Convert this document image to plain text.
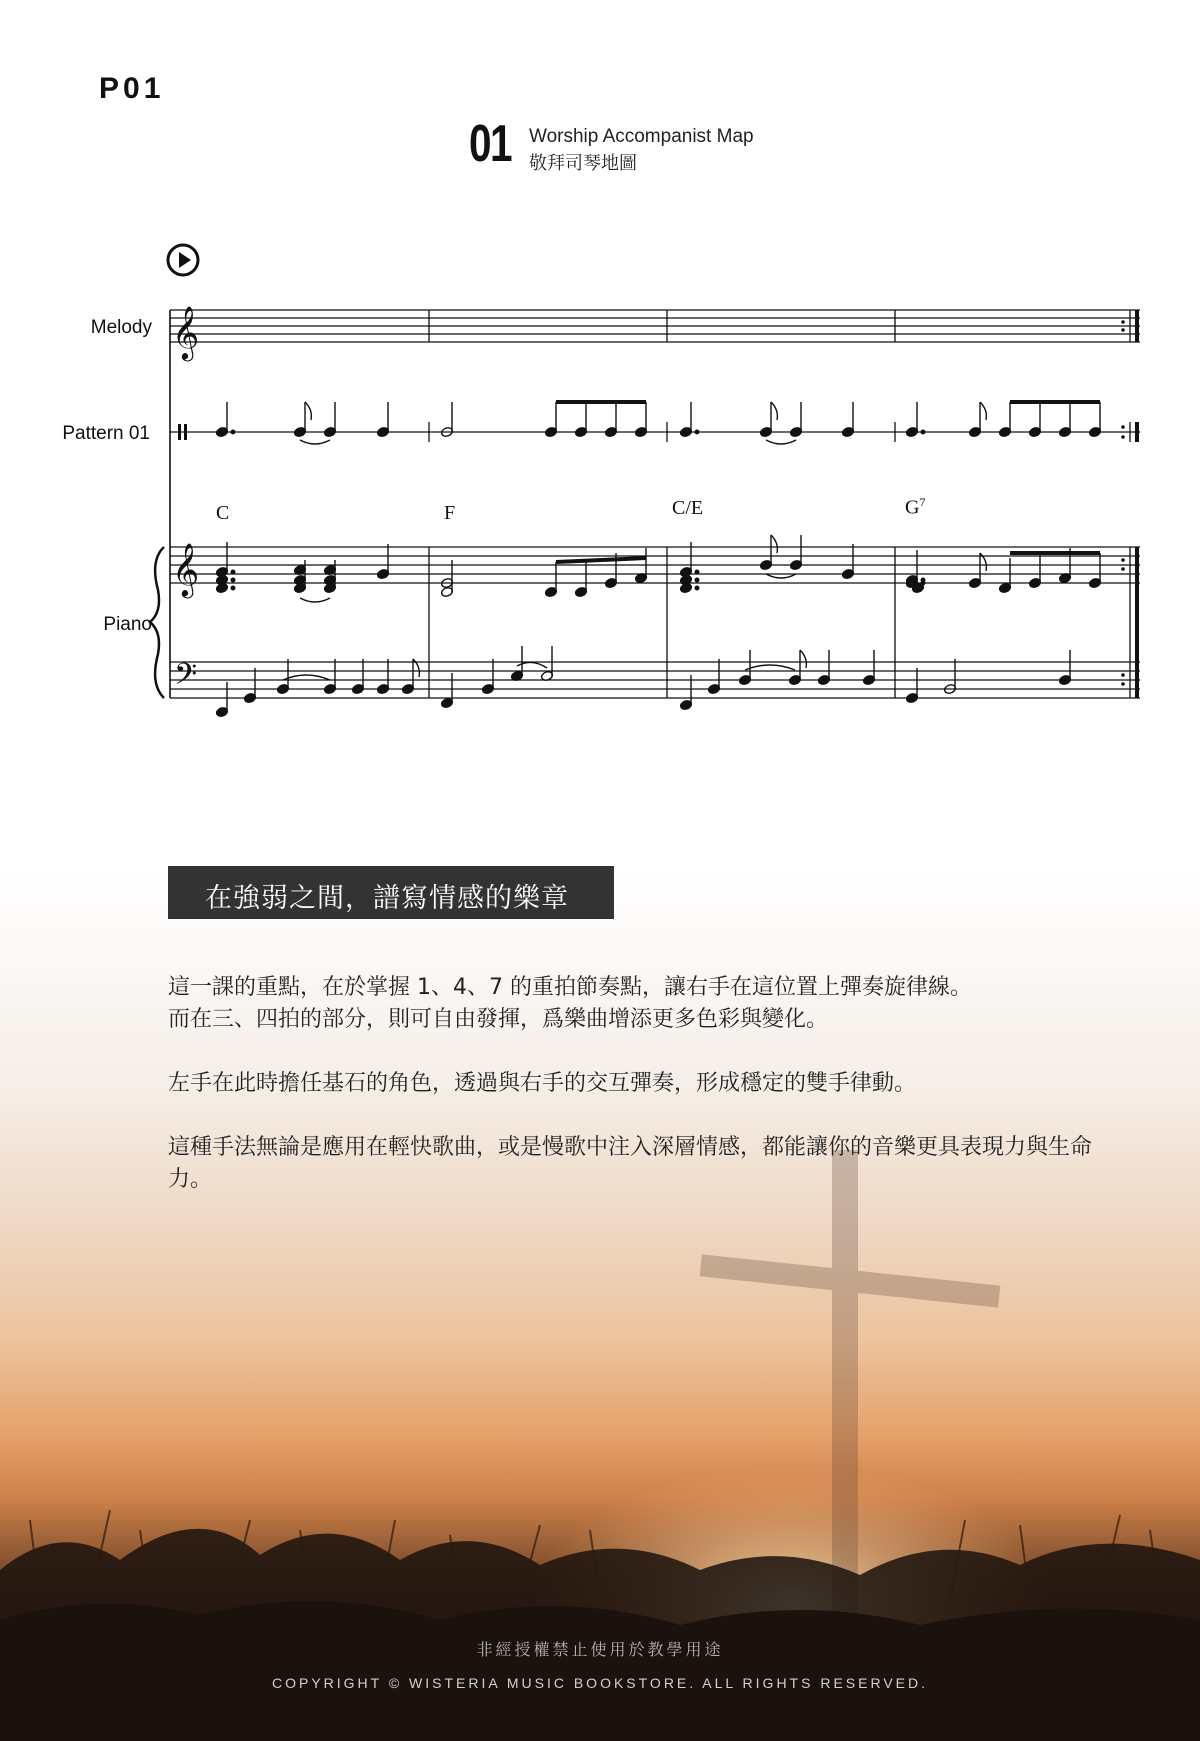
P01
01 Worship Accompanist Map
敬拜司琴地圖
Melody
Pattern 01
Piano
C	F	C/E	$G^7$
𝄞
𝄞
𝄢
在強弱之間，譜寫情感的樂章
這一課的重點，在於掌握 1、4、7 的重拍節奏點，讓右手在這位置上彈奏旋律線。
而在三、四拍的部分，則可自由發揮，爲樂曲增添更多色彩與變化。
左手在此時擔任基石的角色，透過與右手的交互彈奏，形成穩定的雙手律動。
這種手法無論是應用在輕快歌曲，或是慢歌中注入深層情感，都能讓你的音樂更具表現力與生命力。
非經授權禁止使用於教學用途
COPYRIGHT © WISTERIA MUSIC BOOKSTORE. ALL RIGHTS RESERVED.
